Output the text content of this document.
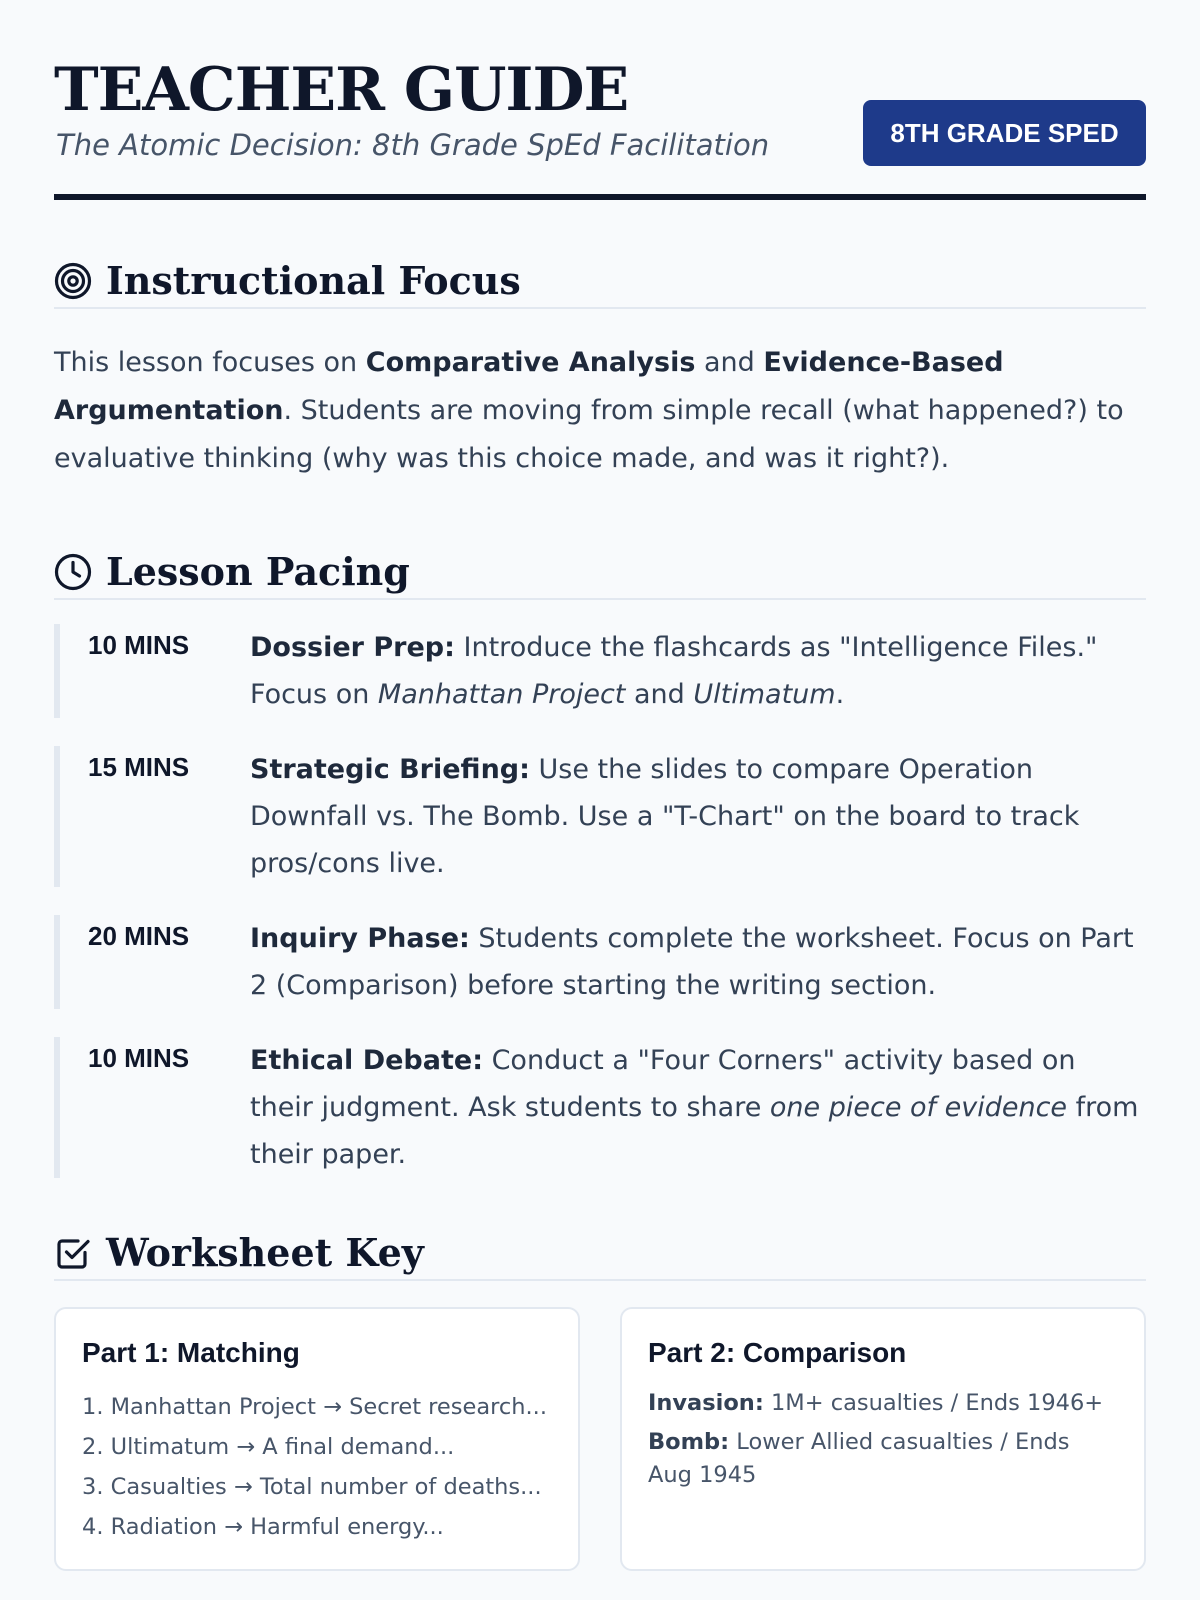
TEACHER GUIDE

The Atomic Decision: 8th Grade SpEd Facilitation	8TH GRADE SPED
Instructional Focus

This lesson focuses on Comparative Analysis and Evidence-Based Argumentation. Students are moving from simple recall (what happened?) to evaluative thinking (why was this choice made, and was it right?).

Lesson Pacing
10 MINS	Dossier Prep: Introduce the flashcards as "Intelligence Files." Focus on Manhattan Project and Ultimatum.
15 MINS	Strategic Briefing: Use the slides to compare Operation Downfall vs. The Bomb. Use a "T-Chart" on the board to track pros/cons live.
20 MINS	Inquiry Phase: Students complete the worksheet. Focus on Part 2 (Comparison) before starting the writing section.
10 MINS	Ethical Debate: Conduct a "Four Corners" activity based on their judgment. Ask students to share one piece of evidence from their paper.
Worksheet Key
Part 1: Matching
1. Manhattan Project → Secret research...
2. Ultimatum → A final demand...
3. Casualties → Total number of deaths...
4. Radiation → Harmful energy...
Part 2: Comparison
Invasion: 1M+ casualties / Ends 1946+
Bomb: Lower Allied casualties / Ends Aug 1945
